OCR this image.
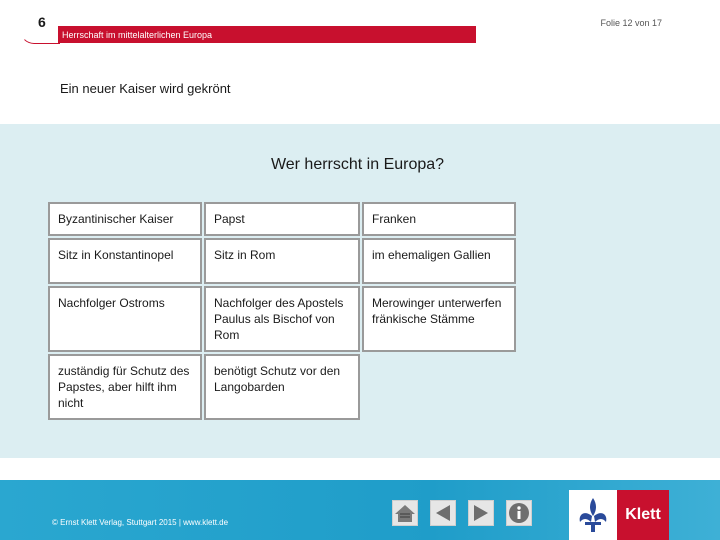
6	Folie 12 von 17
Herrschaft im mittelalterlichen Europa
Ein neuer Kaiser wird gekrönt
Wer herrscht in Europa?
Byzantinischer Kaiser	Papst	Franken
Sitz in Konstantinopel	Sitz in Rom	im ehemaligen Gallien
Nachfolger Ostroms	Nachfolger des Apostels Paulus als Bischof von Rom	Merowinger unterwerfen fränkische Stämme
zuständig für Schutz des Papstes, aber hilft ihm nicht	benötigt Schutz vor den Langobarden	
© Ernst Klett Verlag, Stuttgart 2015 | www.klett.de	Klett
